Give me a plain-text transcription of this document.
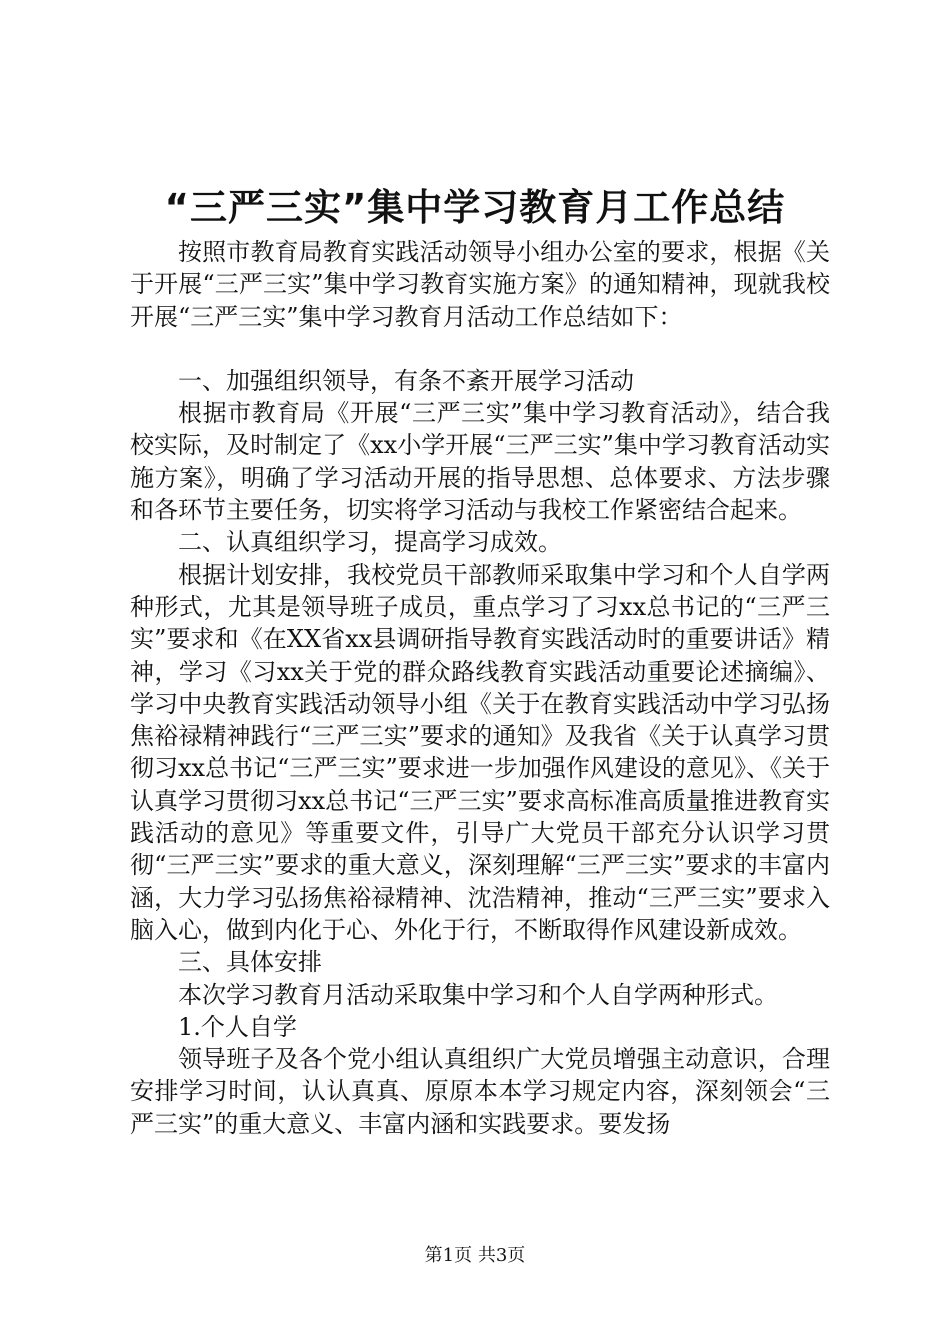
“三严三实”集中学习教育月工作总结

按照市教育局教育实践活动领导小组办公室的要求，根据《关于开展“三严三实”集中学习教育实施方案》的通知精神，现就我校开展“三严三实”集中学习教育月活动工作总结如下：

一、加强组织领导，有条不紊开展学习活动

根据市教育局《开展“三严三实”集中学习教育活动》，结合我校实际，及时制定了《xx小学开展“三严三实”集中学习教育活动实施方案》，明确了学习活动开展的指导思想、总体要求、方法步骤和各环节主要任务，切实将学习活动与我校工作紧密结合起来。

二、认真组织学习，提高学习成效。

根据计划安排，我校党员干部教师采取集中学习和个人自学两种形式，尤其是领导班子成员，重点学习了习xx总书记的“三严三实”要求和《在XX省xx县调研指导教育实践活动时的重要讲话》精神，学习《习xx关于党的群众路线教育实践活动重要论述摘编》、学习中央教育实践活动领导小组《关于在教育实践活动中学习弘扬焦裕禄精神践行“三严三实”要求的通知》及我省《关于认真学习贯彻习xx总书记“三严三实”要求进一步加强作风建设的意见》、《关于认真学习贯彻习xx总书记“三严三实”要求高标准高质量推进教育实践活动的意见》等重要文件，引导广大党员干部充分认识学习贯彻“三严三实”要求的重大意义，深刻理解“三严三实”要求的丰富内涵，大力学习弘扬焦裕禄精神、沈浩精神，推动“三严三实”要求入脑入心，做到内化于心、外化于行，不断取得作风建设新成效。

三、具体安排

本次学习教育月活动采取集中学习和个人自学两种形式。

1.个人自学

领导班子及各个党小组认真组织广大党员增强主动意识，合理安排学习时间，认认真真、原原本本学习规定内容，深刻领会“三严三实”的重大意义、丰富内涵和实践要求。要发扬

第1页 共3页
